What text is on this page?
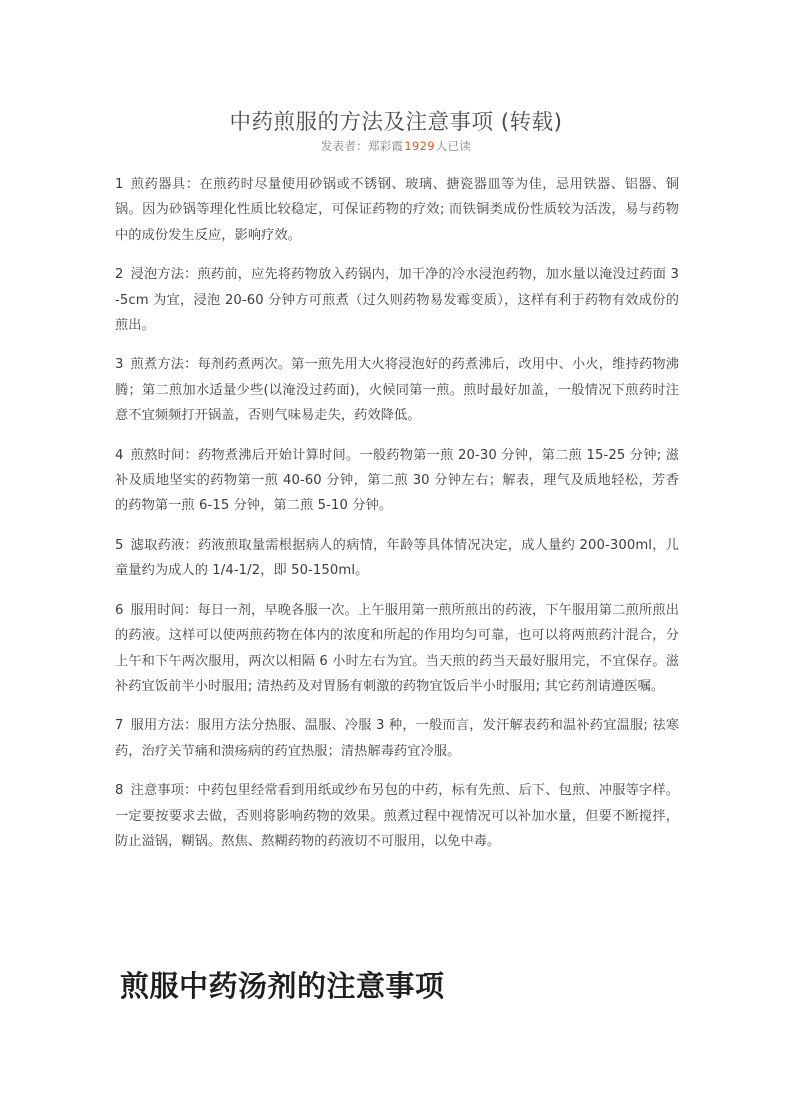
中药煎服的方法及注意事项 (转载)
发表者：郑彩霞1929人已读

1 煎药器具：在煎药时尽量使用砂锅或不锈钢、玻璃、搪瓷器皿等为佳，忌用铁器、铝器、铜锅。因为砂锅等理化性质比较稳定，可保证药物的疗效; 而铁铜类成份性质较为活泼，易与药物中的成份发生反应，影响疗效。

2 浸泡方法：煎药前，应先将药物放入药锅内，加干净的冷水浸泡药物，加水量以淹没过药面 3-5cm 为宜，浸泡 20-60 分钟方可煎煮（过久则药物易发霉变质），这样有利于药物有效成份的煎出。

3 煎煮方法：每剂药煮两次。第一煎先用大火将浸泡好的药煮沸后，改用中、小火，维持药物沸腾；第二煎加水适量少些(以淹没过药面)，火候同第一煎。煎时最好加盖，一般情况下煎药时注意不宜频频打开锅盖，否则气味易走失，药效降低。

4 煎熬时间：药物煮沸后开始计算时间。一般药物第一煎 20-30 分钟，第二煎 15-25 分钟; 滋补及质地坚实的药物第一煎 40-60 分钟，第二煎 30 分钟左右；解表，理气及质地轻松，芳香的药物第一煎 6-15 分钟，第二煎 5-10 分钟。

5 滤取药液：药液煎取量需根据病人的病情，年龄等具体情况决定，成人量约 200-300ml，儿童量约为成人的 1/4-1/2，即 50-150ml。

6 服用时间：每日一剂，早晚各服一次。上午服用第一煎所煎出的药液，下午服用第二煎所煎出的药液。这样可以使两煎药物在体内的浓度和所起的作用均匀可靠，也可以将两煎药汁混合，分上午和下午两次服用，两次以相隔 6 小时左右为宜。当天煎的药当天最好服用完，不宜保存。滋补药宜饭前半小时服用; 清热药及对胃肠有刺激的药物宜饭后半小时服用; 其它药剂请遵医嘱。

7 服用方法：服用方法分热服、温服、冷服 3 种，一般而言，发汗解表药和温补药宜温服; 祛寒药，治疗关节痛和溃疡病的药宜热服；清热解毒药宜冷服。

8 注意事项：中药包里经常看到用纸或纱布另包的中药，标有先煎、后下、包煎、冲服等字样。一定要按要求去做，否则将影响药物的效果。煎煮过程中视情况可以补加水量，但要不断搅拌，防止溢锅，糊锅。熬焦、熬糊药物的药液切不可服用，以免中毒。

煎服中药汤剂的注意事项
